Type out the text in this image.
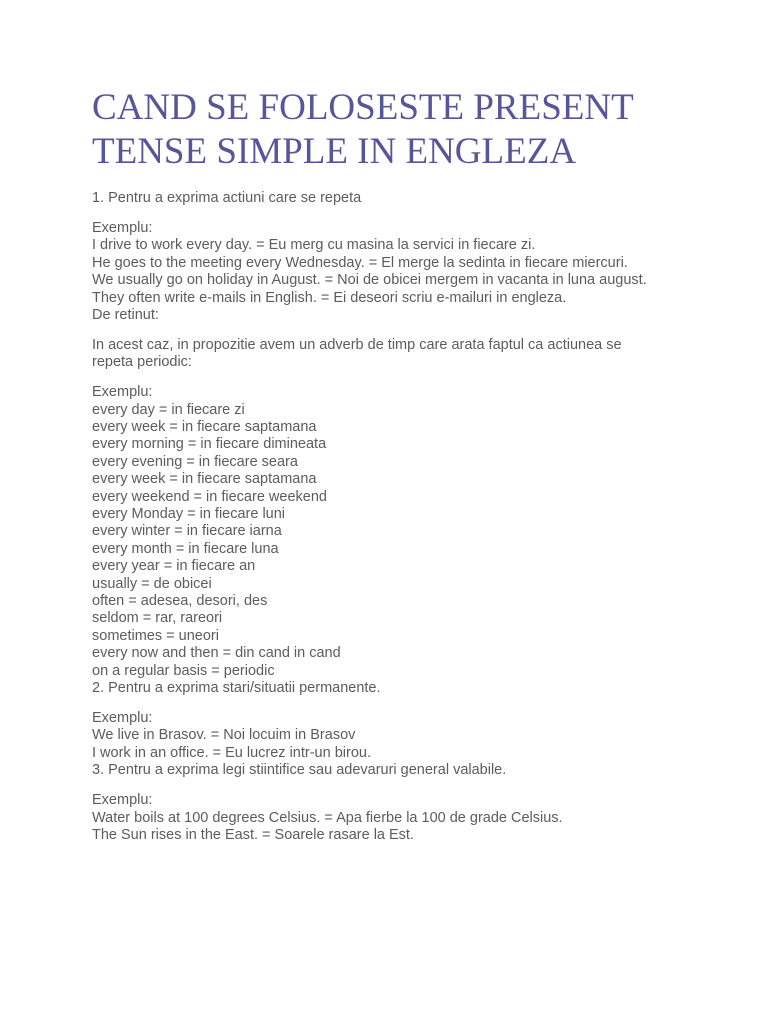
CAND SE FOLOSESTE PRESENT
TENSE SIMPLE IN ENGLEZA

1. Pentru a exprima actiuni care se repeta

Exemplu:
I drive to work every day. = Eu merg cu masina la servici in fiecare zi.
He goes to the meeting every Wednesday. = El merge la sedinta in fiecare miercuri.
We usually go on holiday in August. = Noi de obicei mergem in vacanta in luna august.
They often write e-mails in English. = Ei deseori scriu e-mailuri in engleza.
De retinut:

In acest caz, in propozitie avem un adverb de timp care arata faptul ca actiunea se
repeta periodic:

Exemplu:
every day = in fiecare zi
every week = in fiecare saptamana
every morning = in fiecare dimineata
every evening = in fiecare seara
every week = in fiecare saptamana
every weekend = in fiecare weekend
every Monday = in fiecare luni
every winter = in fiecare iarna
every month = in fiecare luna
every year = in fiecare an
usually = de obicei
often = adesea, desori, des
seldom = rar, rareori
sometimes = uneori
every now and then = din cand in cand
on a regular basis = periodic
2. Pentru a exprima stari/situatii permanente.

Exemplu:
We live in Brasov. = Noi locuim in Brasov
I work in an office. = Eu lucrez intr-un birou.
3. Pentru a exprima legi stiintifice sau adevaruri general valabile.

Exemplu:
Water boils at 100 degrees Celsius. = Apa fierbe la 100 de grade Celsius.
The Sun rises in the East. = Soarele rasare la Est.
